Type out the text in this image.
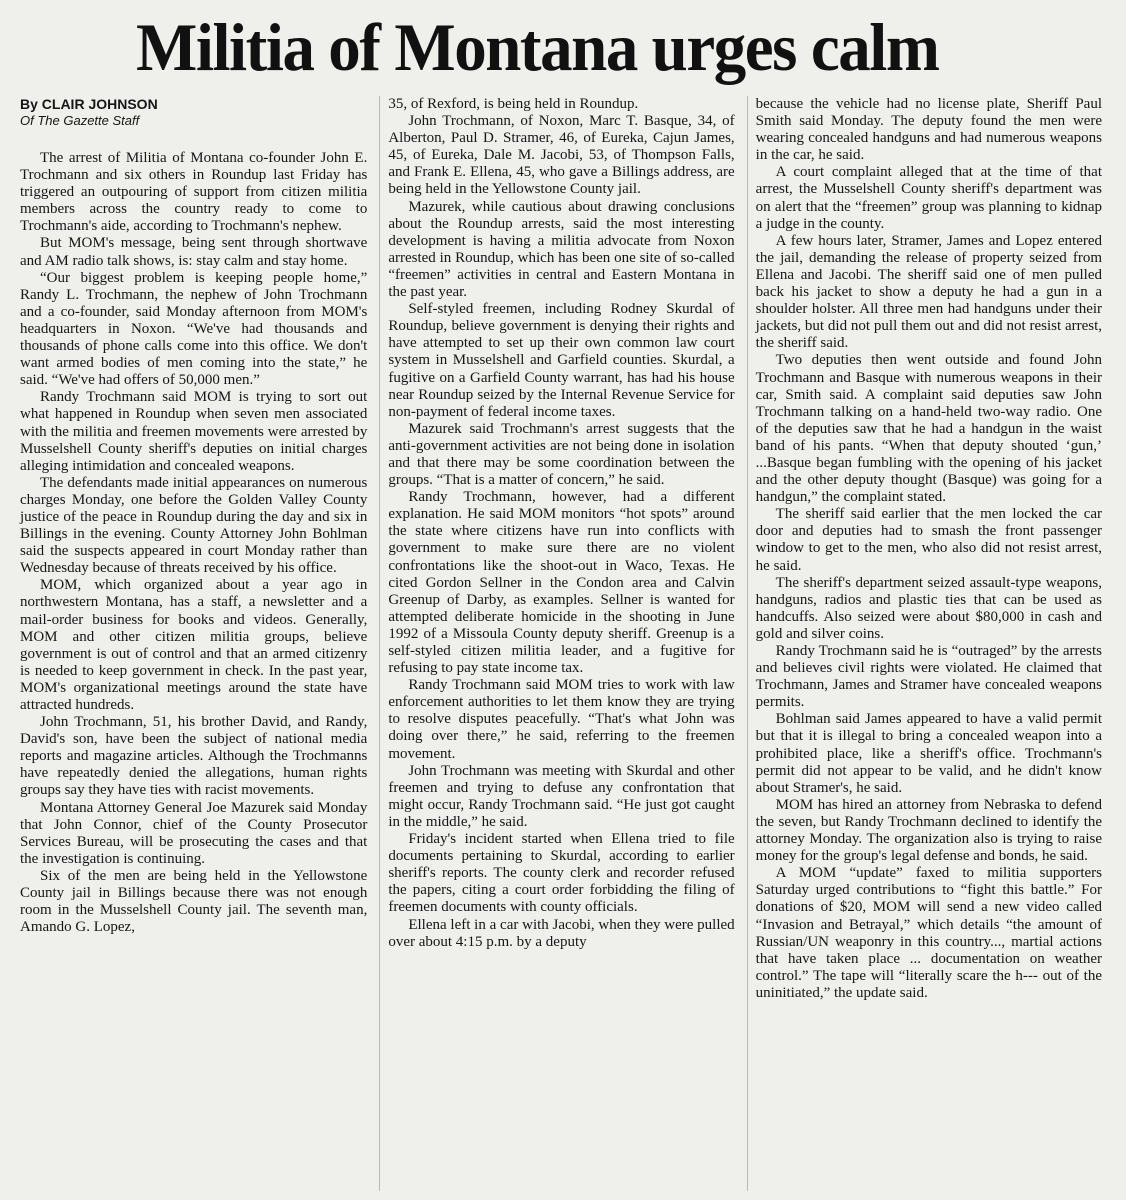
Militia of Montana urges calm
By CLAIR JOHNSON
Of The Gazette Staff

The arrest of Militia of Montana co-founder John E. Trochmann and six others in Roundup last Friday has triggered an outpouring of support from citizen militia members across the country ready to come to Trochmann's aide, according to Trochmann's nephew.

But MOM's message, being sent through shortwave and AM radio talk shows, is: stay calm and stay home.

“Our biggest problem is keeping people home,” Randy L. Trochmann, the nephew of John Trochmann and a co-founder, said Monday afternoon from MOM's headquarters in Noxon. “We've had thousands and thousands of phone calls come into this office. We don't want armed bodies of men coming into the state,” he said. “We've had offers of 50,000 men.”

Randy Trochmann said MOM is trying to sort out what happened in Roundup when seven men associated with the militia and freemen movements were arrested by Musselshell County sheriff's deputies on initial charges alleging intimidation and concealed weapons.

The defendants made initial appearances on numerous charges Monday, one before the Golden Valley County justice of the peace in Roundup during the day and six in Billings in the evening. County Attorney John Bohlman said the suspects appeared in court Monday rather than Wednesday because of threats received by his office.

MOM, which organized about a year ago in northwestern Montana, has a staff, a newsletter and a mail-order business for books and videos. Generally, MOM and other citizen militia groups, believe government is out of control and that an armed citizenry is needed to keep government in check. In the past year, MOM's organizational meetings around the state have attracted hundreds.

John Trochmann, 51, his brother David, and Randy, David's son, have been the subject of national media reports and magazine articles. Although the Trochmanns have repeatedly denied the allegations, human rights groups say they have ties with racist movements.

Montana Attorney General Joe Mazurek said Monday that John Connor, chief of the County Prosecutor Services Bureau, will be prosecuting the cases and that the investigation is continuing.

Six of the men are being held in the Yellowstone County jail in Billings because there was not enough room in the Musselshell County jail. The seventh man, Amando G. Lopez,

35, of Rexford, is being held in Roundup.

John Trochmann, of Noxon, Marc T. Basque, 34, of Alberton, Paul D. Stramer, 46, of Eureka, Cajun James, 45, of Eureka, Dale M. Jacobi, 53, of Thompson Falls, and Frank E. Ellena, 45, who gave a Billings address, are being held in the Yellowstone County jail.

Mazurek, while cautious about drawing conclusions about the Roundup arrests, said the most interesting development is having a militia advocate from Noxon arrested in Roundup, which has been one site of so-called “freemen” activities in central and Eastern Montana in the past year.

Self-styled freemen, including Rodney Skurdal of Roundup, believe government is denying their rights and have attempted to set up their own common law court system in Musselshell and Garfield counties. Skurdal, a fugitive on a Garfield County warrant, has had his house near Roundup seized by the Internal Revenue Service for non-payment of federal income taxes.

Mazurek said Trochmann's arrest suggests that the anti-government activities are not being done in isolation and that there may be some coordination between the groups. “That is a matter of concern,” he said.

Randy Trochmann, however, had a different explanation. He said MOM monitors “hot spots” around the state where citizens have run into conflicts with government to make sure there are no violent confrontations like the shoot-out in Waco, Texas. He cited Gordon Sellner in the Condon area and Calvin Greenup of Darby, as examples. Sellner is wanted for attempted deliberate homicide in the shooting in June 1992 of a Missoula County deputy sheriff. Greenup is a self-styled citizen militia leader, and a fugitive for refusing to pay state income tax.

Randy Trochmann said MOM tries to work with law enforcement authorities to let them know they are trying to resolve disputes peacefully. “That's what John was doing over there,” he said, referring to the freemen movement.

John Trochmann was meeting with Skurdal and other freemen and trying to defuse any confrontation that might occur, Randy Trochmann said. “He just got caught in the middle,” he said.

Friday's incident started when Ellena tried to file documents pertaining to Skurdal, according to earlier sheriff's reports. The county clerk and recorder refused the papers, citing a court order forbidding the filing of freemen documents with county officials.

Ellena left in a car with Jacobi, when they were pulled over about 4:15 p.m. by a deputy

because the vehicle had no license plate, Sheriff Paul Smith said Monday. The deputy found the men were wearing concealed handguns and had numerous weapons in the car, he said.

A court complaint alleged that at the time of that arrest, the Musselshell County sheriff's department was on alert that the “freemen” group was planning to kidnap a judge in the county.

A few hours later, Stramer, James and Lopez entered the jail, demanding the release of property seized from Ellena and Jacobi. The sheriff said one of men pulled back his jacket to show a deputy he had a gun in a shoulder holster. All three men had handguns under their jackets, but did not pull them out and did not resist arrest, the sheriff said.

Two deputies then went outside and found John Trochmann and Basque with numerous weapons in their car, Smith said. A complaint said deputies saw John Trochmann talking on a hand-held two-way radio. One of the deputies saw that he had a handgun in the waist band of his pants. “When that deputy shouted ‘gun,’ ...Basque began fumbling with the opening of his jacket and the other deputy thought (Basque) was going for a handgun,” the complaint stated.

The sheriff said earlier that the men locked the car door and deputies had to smash the front passenger window to get to the men, who also did not resist arrest, he said.

The sheriff's department seized assault-type weapons, handguns, radios and plastic ties that can be used as handcuffs. Also seized were about $80,000 in cash and gold and silver coins.

Randy Trochmann said he is “outraged” by the arrests and believes civil rights were violated. He claimed that Trochmann, James and Stramer have concealed weapons permits.

Bohlman said James appeared to have a valid permit but that it is illegal to bring a concealed weapon into a prohibited place, like a sheriff's office. Trochmann's permit did not appear to be valid, and he didn't know about Stramer's, he said.

MOM has hired an attorney from Nebraska to defend the seven, but Randy Trochmann declined to identify the attorney Monday. The organization also is trying to raise money for the group's legal defense and bonds, he said.

A MOM “update” faxed to militia supporters Saturday urged contributions to “fight this battle.” For donations of $20, MOM will send a new video called “Invasion and Betrayal,” which details “the amount of Russian/UN weaponry in this country..., martial actions that have taken place ... documentation on weather control.” The tape will “literally scare the h--- out of the uninitiated,” the update said.
